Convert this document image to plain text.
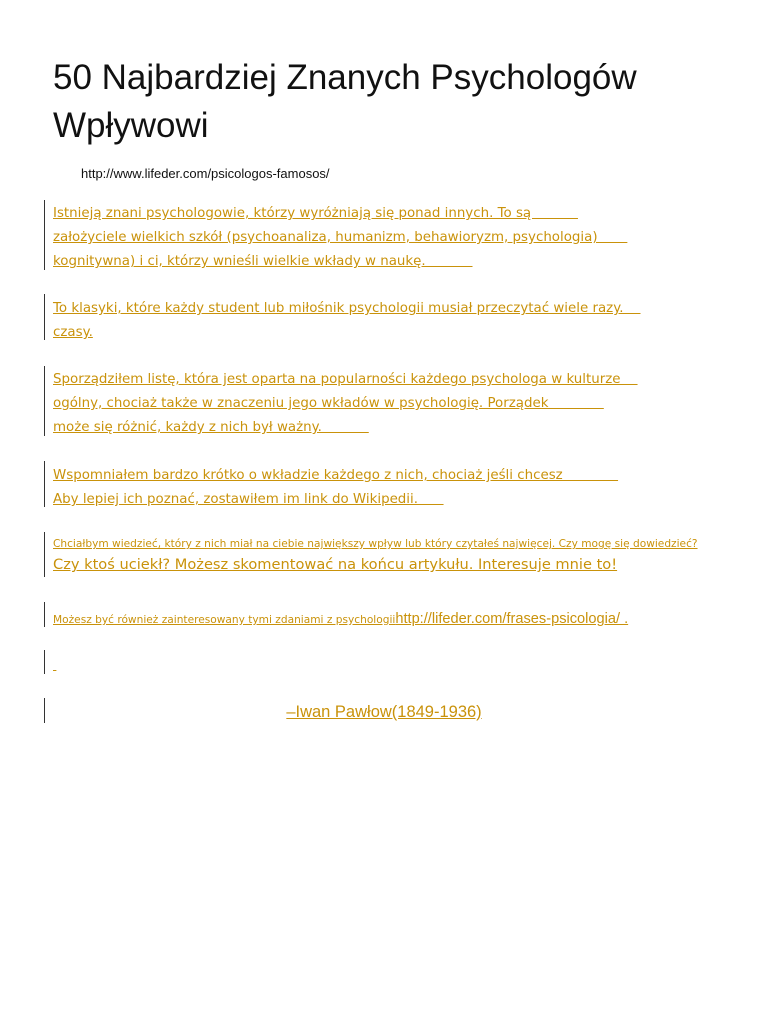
50 Najbardziej Znanych Psychologów
Wpływowi
http://www.lifeder.com/psicologos-famosos/
Istnieją znani psychologowie, którzy wyróżniają się ponad innych. To są
założyciele wielkich szkół (psychoanaliza, humanizm, behawioryzm, psychologia)
kognitywna) i ci, którzy wnieśli wielkie wkłady w naukę.
To klasyki, które każdy student lub miłośnik psychologii musiał przeczytać wiele razy.
czasy.
Sporządziłem listę, która jest oparta na popularności każdego psychologa w kulturze
ogólny, chociaż także w znaczeniu jego wkładów w psychologię. Porządek
może się różnić, każdy z nich był ważny.
Wspomniałem bardzo krótko o wkładzie każdego z nich, chociaż jeśli chcesz
Aby lepiej ich poznać, zostawiłem im link do Wikipedii.
Chciałbym wiedzieć, który z nich miał na ciebie największy wpływ lub który czytałeś najwięcej. Czy mogę się dowiedzieć?
Czy ktoś uciekł? Możesz skomentować na końcu artykułu. Interesuje mnie to!
Możesz być również zainteresowany tymi zdaniami z psychologiihttp://lifeder.com/frases-psicologia/ .

–Iwan Pawłow(1849-1936)
